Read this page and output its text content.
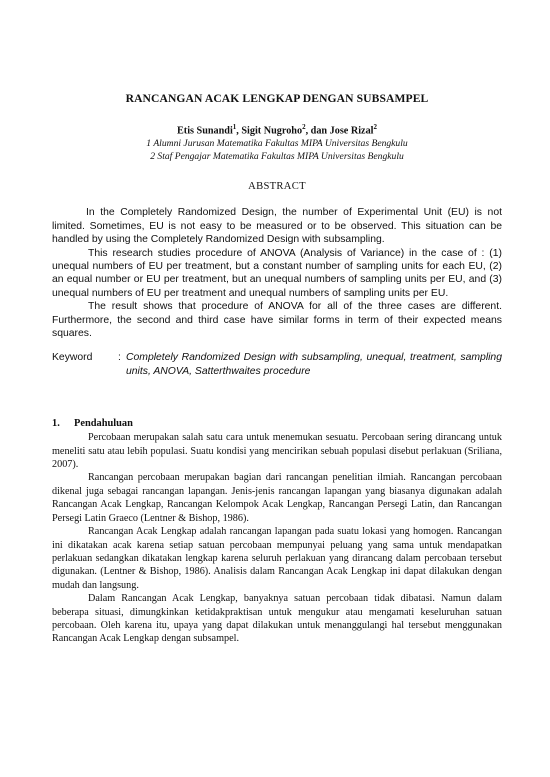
RANCANGAN ACAK LENGKAP DENGAN SUBSAMPEL
Etis Sunandi$^1$, Sigit Nugroho$^2$, dan Jose Rizal$^2$
1 Alumni Jurusan Matematika Fakultas MIPA Universitas Bengkulu
2 Staf Pengajar Matematika Fakultas MIPA Universitas Bengkulu
ABSTRACT

In the Completely Randomized Design, the number of Experimental Unit (EU) is not limited. Sometimes, EU is not easy to be measured or to be observed. This situation can be handled by using the Completely Randomized Design with subsampling.

This research studies procedure of ANOVA (Analysis of Variance) in the case of : (1) unequal numbers of EU per treatment, but a constant number of sampling units for each EU, (2) an equal number or EU per treatment, but an unequal numbers of sampling units per EU, and (3) unequal numbers of EU per treatment and unequal numbers of sampling units per EU.

The result shows that procedure of ANOVA for all of the three cases are different. Furthermore, the second and third case have similar forms in term of their expected means squares.

Keyword	: Completely Randomized Design with subsampling, unequal, treatment, sampling units, ANOVA, Satterthwaites procedure
1.	Pendahuluan

Percobaan merupakan salah satu cara untuk menemukan sesuatu. Percobaan sering dirancang untuk meneliti satu atau lebih populasi. Suatu kondisi yang mencirikan sebuah populasi disebut perlakuan (Sriliana, 2007).

Rancangan percobaan merupakan bagian dari rancangan penelitian ilmiah. Rancangan percobaan dikenal juga sebagai rancangan lapangan. Jenis-jenis rancangan lapangan yang biasanya digunakan adalah Rancangan Acak Lengkap, Rancangan Kelompok Acak Lengkap, Rancangan Persegi Latin, dan Rancangan Persegi Latin Graeco (Lentner & Bishop, 1986).

Rancangan Acak Lengkap adalah rancangan lapangan pada suatu lokasi yang homogen. Rancangan ini dikatakan acak karena setiap satuan percobaan mempunyai peluang yang sama untuk mendapatkan perlakuan sedangkan dikatakan lengkap karena seluruh perlakuan yang dirancang dalam percobaan tersebut digunakan. (Lentner & Bishop, 1986). Analisis dalam Rancangan Acak Lengkap ini dapat dilakukan dengan mudah dan langsung.

Dalam Rancangan Acak Lengkap, banyaknya satuan percobaan tidak dibatasi. Namun dalam beberapa situasi, dimungkinkan ketidakpraktisan untuk mengukur atau mengamati keseluruhan satuan percobaan. Oleh karena itu, upaya yang dapat dilakukan untuk menanggulangi hal tersebut menggunakan Rancangan Acak Lengkap dengan subsampel.
